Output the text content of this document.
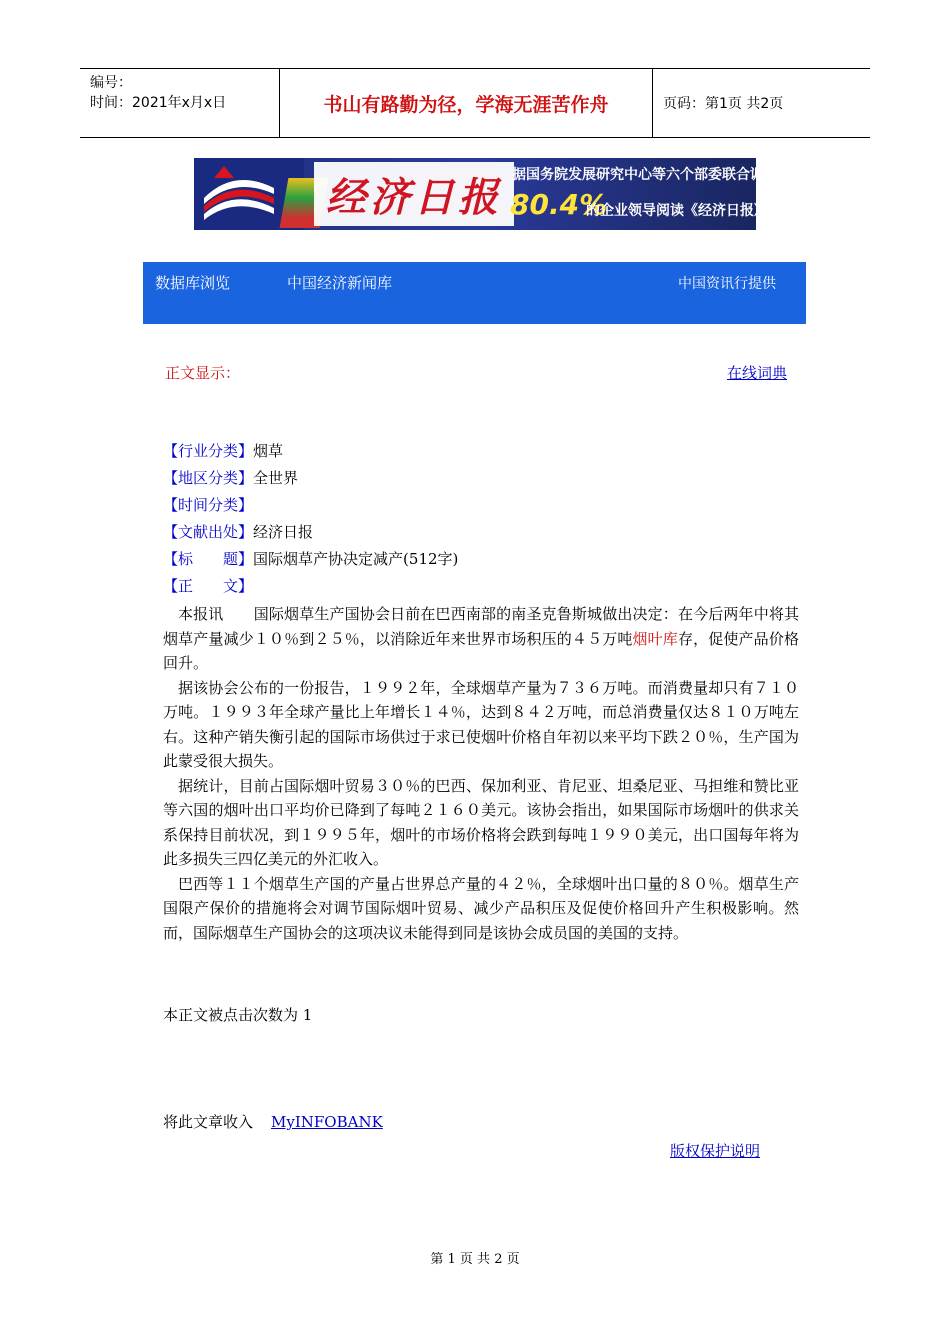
编号：
时间：2021年x月x日	书山有路勤为径，学海无涯苦作舟	页码：第1页 共2页
经济日报 据国务院发展研究中心等六个部委联合调查显示:
80.4%
的企业领导阅读《经济日报》
数据库浏览	中国经济新闻库	中国资讯行提供
正文显示：	在线词典
【行业分类】烟草
【地区分类】全世界
【时间分类】
【文献出处】经济日报
【标　　题】国际烟草产协决定减产(512字)
【正　　文】

本报讯　　国际烟草生产国协会日前在巴西南部的南圣克鲁斯城做出决定：在今后两年中将其烟草产量减少１０％到２５％，以消除近年来世界市场积压的４５万吨烟叶库存，促使产品价格回升。

据该协会公布的一份报告，１９９２年，全球烟草产量为７３６万吨。而消费量却只有７１０万吨。１９９３年全球产量比上年增长１４％，达到８４２万吨，而总消费量仅达８１０万吨左右。这种产销失衡引起的国际市场供过于求已使烟叶价格自年初以来平均下跌２０％，生产国为此蒙受很大损失。

据统计，目前占国际烟叶贸易３０％的巴西、保加利亚、肯尼亚、坦桑尼亚、马担维和赞比亚等六国的烟叶出口平均价已降到了每吨２１６０美元。该协会指出，如果国际市场烟叶的供求关系保持目前状况，到１９９５年，烟叶的市场价格将会跌到每吨１９９０美元，出口国每年将为此多损失三四亿美元的外汇收入。

巴西等１１个烟草生产国的产量占世界总产量的４２％，全球烟叶出口量的８０％。烟草生产国限产保价的措施将会对调节国际烟叶贸易、减少产品积压及促使价格回升产生积极影响。然而，国际烟草生产国协会的这项决议未能得到同是该协会成员国的美国的支持。

本正文被点击次数为 1
将此文章收入 MyINFOBANK
版权保护说明
第 1 页 共 2 页
